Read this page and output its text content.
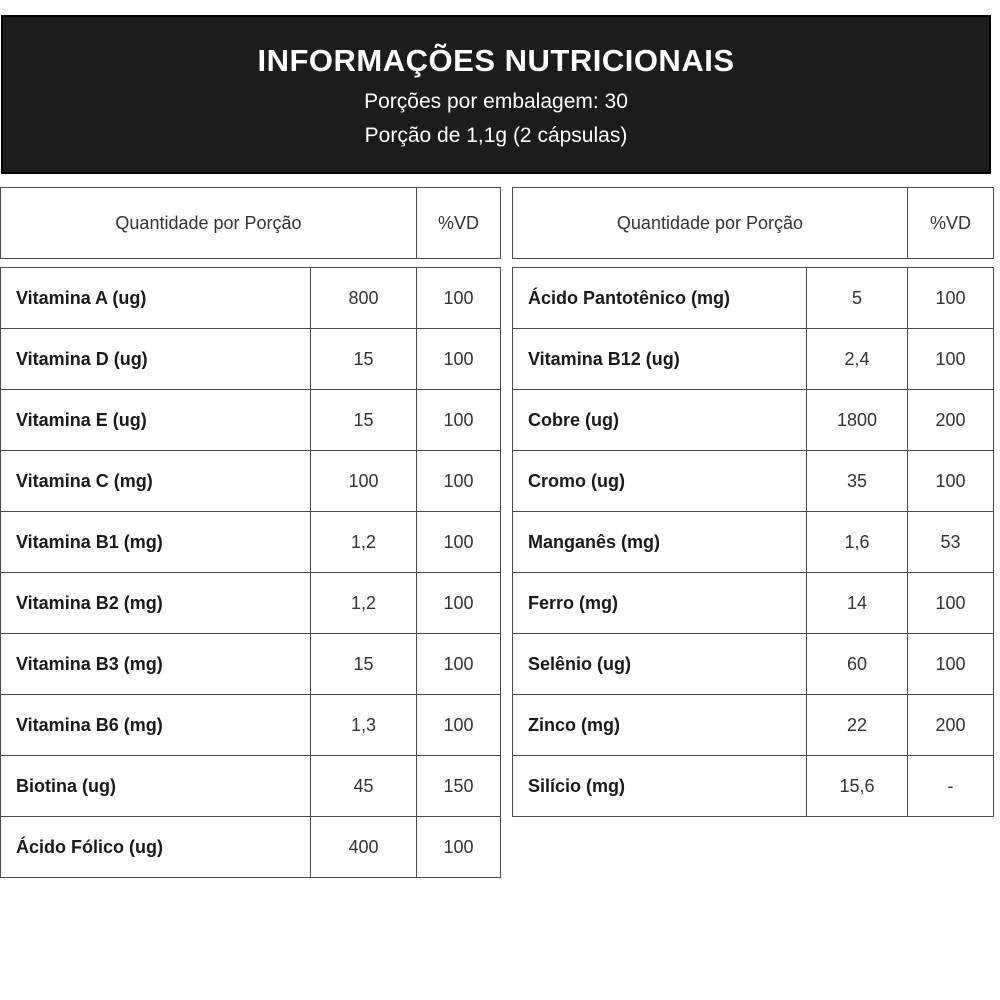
INFORMAÇÕES NUTRICIONAIS
Porções por embalagem: 30
Porção de 1,1g (2 cápsulas)
Quantidade por Porção	%VD	Quantidade por Porção	%VD
Vitamina A (ug)	800	100
Vitamina D (ug)	15	100
Vitamina E (ug)	15	100
Vitamina C (mg)	100	100
Vitamina B1 (mg)	1,2	100
Vitamina B2 (mg)	1,2	100
Vitamina B3 (mg)	15	100
Vitamina B6 (mg)	1,3	100
Biotina (ug)	45	150
Ácido Fólico (ug)	400	100
Ácido Pantotênico (mg)	5	100
Vitamina B12 (ug)	2,4	100
Cobre (ug)	1800	200
Cromo (ug)	35	100
Manganês (mg)	1,6	53
Ferro (mg)	14	100
Selênio (ug)	60	100
Zinco (mg)	22	200
Silício (mg)	15,6	-
